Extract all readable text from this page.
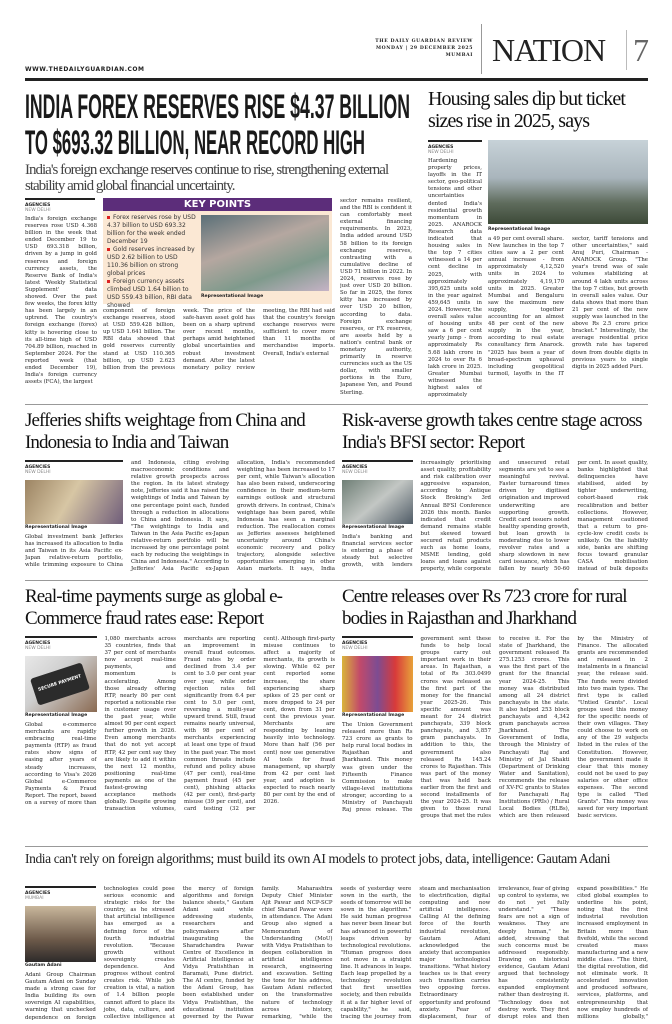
WWW.THEDAILYGUARDIAN.COM
THE DAILY GUARDIAN REVIEW
MONDAY | 29 DECEMBER 2025
MUMBAI NATION 7
INDIA FOREX RESERVES RISE $4.37 BILLION
TO $693.32 BILLION, NEAR RECORD HIGH
India's foreign exchange reserves continue to rise, strengthening external stability amid global financial uncertainty.
AGENCIES
NEW DELHI
India's foreign exchange reserves rose USD 4.368 billion in the week that ended December 19 to USD 693.318 billion, driven by a jump in gold reserves and foreign currency assets, the Reserve Bank of India's latest 'Weekly Statistical Supplement' data showed. Over the past few weeks, the forex kitty has been largely in an uptrend. The country's foreign exchange (forex) kitty is hovering close to its all-time high of USD 704.89 billion, reached in September 2024. For the reported week (that ended December 19), India's foreign currency assets (FCA), the largest
KEY POINTS
Forex reserves rose by USD 4.37 billion to USD 693.32 billion for the week ended December 19
Gold reserves increased by USD 2.62 billion to USD 110.36 billion on strong global prices
Foreign currency assets climbed USD 1.64 billion to USD 559.43 billion, RBI data showed
Representational Image
component of foreign exchange reserves, stood at USD 559.428 billion, up USD 1.641 billion. The RBI data showed that gold reserves currently stand at USD 110.365 billion, up USD 2.623 billion from the previous week. The price of the safe-haven asset gold has been on a sharp uptrend over recent months, perhaps amid heightened global uncertainties and robust investment demand. After the latest monetary policy review meeting, the RBI had said that the country's foreign exchange reserves were sufficient to cover more than 11 months of merchandise imports. Overall, India's external
sector remains resilient, and the RBI is confident it can comfortably meet external financing requirements. In 2023, India added around USD 58 billion to its foreign exchange reserves, contrasting with a cumulative decline of USD 71 billion in 2022. In 2024, reserves rose by just over USD 20 billion. So far in 2025, the forex kitty has increased by over USD 20 billion, according to data. Foreign exchange reserves, or FX reserves, are assets held by a nation's central bank or monetary authority, primarily in reserve currencies such as the US dollar, with smaller portions in the Euro, Japanese Yen, and Pound Sterling.
Housing sales dip but ticket sizes rise in 2025, says
AGENCIES
NEW DELHI
Representational Image
Hardening property prices, layoffs in the IT sector, geo-political tensions and other uncertainties dented India's residential growth momentum in 2025. ANAROCK Research data indicated that housing sales in the top 7 cities witnessed a 14 per cent decline in 2025, with approximately 395,625 units sold in the year against 459,645 units in 2024. However, the overall sales value of housing units saw a 6 per cent yearly jump - from approximately Rs 5.68 lakh crore in 2024 to over Rs 6 lakh crore in 2025. Greater Mumbai witnessed the highest sales of approximately
a 49 per cent overall share. New launches in the top 7 cities saw a 2 per cent annual increase - from approximately 4,12,520 units in 2024 to approximately 4,19,170 units in 2025. Greater Mumbai and Bengaluru saw the maximum new supply, together accounting for an almost 48 per cent of the new supply in the year, according to real estate consultancy firm Anarock. "2025 has been a year of broad-spectrum upheaval including geopolitical turmoil, layoffs in the IT sector, tariff tensions and other uncertainties," said Anuj Puri, Chairman - ANAROCK Group. "The year's trend was of sale volumes stabilizing at around 4 lakh units across the top 7 cities, but growth in overall sales value. Our data shows that more than 21 per cent of the new supply was launched in the above Rs 2.5 crore price bracket." Interestingly, the average residential price growth rate has tapered down from double digits in previous years to single digits in 2025 added Puri.
Jefferies shifts weightage from China and Indonesia to India and Taiwan
AGENCIES
NEW DELHI
Representational Image
Global investment bank Jefferies has increased its allocation to India and Taiwan in its Asia Pacific ex-Japan relative-return portfolio, while trimming exposure to China and Indonesia, citing evolving macroeconomic conditions and relative growth prospects across the region. In its latest strategy note, Jefferies said it has raised the weightings of India and Taiwan by one percentage point each, funded through a reduction in allocations to China and Indonesia. It says, "The weightings to India and Taiwan in the Asia Pacific ex-Japan relative-return portfolio will be increased by one percentage point each by reducing the weightings in China and Indonesia." According to Jefferies' Asia Pacific ex-Japan allocation, India's recommended weighting has been increased to 17 per cent, while Taiwan's allocation has also been raised, underscoring confidence in their medium-term earnings outlook and structural growth drivers. In contrast, China's weightage has been pared, while Indonesia has seen a marginal reduction. The reallocation comes as Jefferies assesses heightened uncertainty around China's economic recovery and policy trajectory, alongside selective opportunities emerging in other Asian markets. It says, India
Risk-averse growth takes centre stage across India's BFSI sector: Report
AGENCIES
NEW DELHI
Representational Image
India's banking and financial services sector is entering a phase of steady but selective growth, with lenders increasingly prioritising asset quality, profitability and risk calibration over aggressive expansion, according to Antique Stock Broking's 3rd Annual BFSI Conference 2026 this month. Banks indicated that credit demand remains stable but skewed toward secured retail products such as home loans, MSME lending, gold loans and loans against property, while corporate and unsecured retail segments are yet to see a meaningful revival. Faster turnaround times driven by digitised origination and improved underwriting are supporting growth. Credit card issuers noted healthy spending growth, but loan growth is moderating due to lower revolver rates and a sharp slowdown in new card issuance, which has fallen by nearly 50-60 per cent. In asset quality, banks highlighted that delinquencies have stabilised, aided by tighter underwriting, cohort-based risk recalibration and better collections. However, management cautioned that a return to pre-cycle-low credit costs is unlikely. On the liability side, banks are shifting focus toward granular CASA mobilisation instead of bulk deposits
Real-time payments surge as global e-Commerce fraud rates ease: Report
AGENCIES
NEW DELHI
SECURE PAYMENT
Representational Image
Global e-commerce merchants are rapidly embracing real-time payments (RTP) as fraud rates show signs of easing after years of steady increases, according to Visa's 2026 Global e-Commerce Payments & Fraud Report. The report, based on a survey of more than 1,080 merchants across 35 countries, finds that 37 per cent of merchants now accept real-time payments, and momentum is accelerating. Among those already offering RTP, nearly 80 per cent reported a noticeable rise in customer usage over the past year, while almost 90 per cent expect further growth in 2026. Even among merchants that do not yet accept RTP, 42 per cent say they are likely to add it within the next 12 months, positioning real-time payments as one of the fastest-growing acceptance methods globally. Despite growing transaction volumes, merchants are reporting an improvement in overall fraud outcomes. Fraud rates by order declined from 3.4 per cent to 3.0 per cent year over year, while order rejection rates fell significantly from 6.4 per cent to 5.0 per cent, reversing a multi-year upward trend. Still, fraud remains nearly universal, with 98 per cent of merchants experiencing at least one type of fraud in the past year. The most common threats include refund and policy abuse (47 per cent), real-time payment fraud (45 per cent), phishing attacks (42 per cent), first-party misuse (39 per cent), and card testing (32 per cent). Although first-party misuse continues to affect a majority of merchants, its growth is slowing. While 62 per cent reported some increase, the share experiencing sharp spikes of 25 per cent or more dropped to 24 per cent, down from 31 per cent the previous year. Merchants are responding by leaning heavily into technology. More than half (56 per cent) now use generative AI tools for fraud management, up sharply from 42 per cent last year, and adoption is expected to reach nearly 80 per cent by the end of 2026.
Centre releases over Rs 723 crore for rural bodies in Rajasthan and Jharkhand
AGENCIES
NEW DELHI
Representational Image
The Union Government released more than Rs 723 crore as grants to help rural local bodies in Rajasthan and Jharkhand. This money was given under the Fifteenth Finance Commission to make village-level institutions stronger, according to a Ministry of Panchayati Raj press release. The government sent these funds to help local groups carry out important work in their areas. In Rajasthan, a total of Rs 303.0499 crores was released as the first part of the money for the financial year 2025-26. This specific amount was meant for 24 district panchayats, 339 block panchayats, and 3,857 gram panchayats. In addition to this, the government also released Rs 145.24 crores to Rajasthan. This was part of the money that was held back earlier from the first and second installments of the year 2024-25. It was given to those rural groups that met the rules to receive it. For the state of Jharkhand, the government released Rs 275.1253 crores. This was the first part of the grant for the financial year 2024-25. This money was distributed among all 24 district panchayats in the state. It also helped 253 block panchayats and 4,342 gram panchayats across Jharkhand. The Government of India, through the Ministry of Panchayati Raj and Ministry of Jal Shakti (Department of Drinking Water and Sanitation), recommends the release of XV-FC grants to States for Panchayati Raj Institutions (PRIs) / Rural Local Bodies (RLBs), which are then released by the Ministry of Finance. The allocated grants are recommended and released in 2 instalments in a financial year, the release said. The funds were divided into two main types. The first type is called "Untied Grants". Local groups used this money for the specific needs of their own villages. They could choose to work on any of the 29 subjects listed in the rules of the Constitution. However, the government made it clear that this money could not be used to pay salaries or other office expenses. The second type is called "Tied Grants". This money was saved for very important basic services.
India can't rely on foreign algorithms; must build its own AI models to protect jobs, data, intelligence: Gautam Adani
AGENCIES
MUMBAI
Gautam Adani
Adani Group Chairman Gautam Adani on Sunday made a strong case for India building its own sovereign AI capabilities, warning that unchecked dependence on foreign technologies could pose serious economic and strategic risks for the country, as he stressed that artificial intelligence has emerged as a defining force of the fourth industrial revolution. "Because growth without sovereignty creates dependence. And progress without control creates risk. While job creation is vital, a nation of 1.4 billion people cannot afford to place its jobs, data, culture, and collective intelligence at the mercy of foreign algorithms and foreign balance sheets," Gautam Adani said while addressing students, researchers and policymakers after inaugurating the Sharadchandra Pawar Centre of Excellence in Artificial Intelligence at Vidya Pratishthan in Baramati, Pune district. The AI centre, funded by the Adani Group, has been established under Vidya Pratishthan, the educational institution governed by the Pawar family. Maharashtra Deputy Chief Minister Ajit Pawar and NCP-SCP chief Sharad Pawar were in attendance. The Adani Group also signed a Memorandum of Understanding (MoU) with Vidya Pratishthan to deepen collaboration in artificial intelligence research, engineering and excavation. Setting the tone for his address, Gautam Adani reflected on the transformative nature of technology across history, remarking, "while the seeds of yesterday were sown in the earth, the seeds of tomorrow will be sown in the algorithm." He said human progress has never been linear but has advanced in powerful leaps driven by technological revolutions. "Human progress does not move in a straight line. It advances in leaps. Each leap propelled by a technology revolution that first unsettles society, and then rebuilds it at a far higher level of capability," he said, tracing the journey from steam and mechanisation to electrification, digital computing and now artificial intelligence. Calling AI the defining force of the fourth industrial revolution, Gautam Adani acknowledged the anxiety that accompanies major technological transitions. "What history teaches us is that every such transition carries two opposing forces. Extraordinary opportunity and profound anxiety. Fear of displacement, fear of irrelevance, fear of giving up control to systems, we do not yet fully understand." "These fears are not a sign of weakness. They are deeply human," he added, stressing that such concerns must be addressed responsibly. Drawing on historical evidence, Gautam Adani argued that technology has consistently expanded employment rather than destroying it. "Technology does not destroy work. They first disrupt roles and then expand possibilities." He cited global examples to underline his point, noting that the first industrial revolution increased employment in Britain more than fivefold, while the second created mass manufacturing and a new middle class. "The third, the digital revolution, did not eliminate work. It accelerated innovation and produced software, services, platforms, and entrepreneurship that now employ hundreds of millions globally,"
